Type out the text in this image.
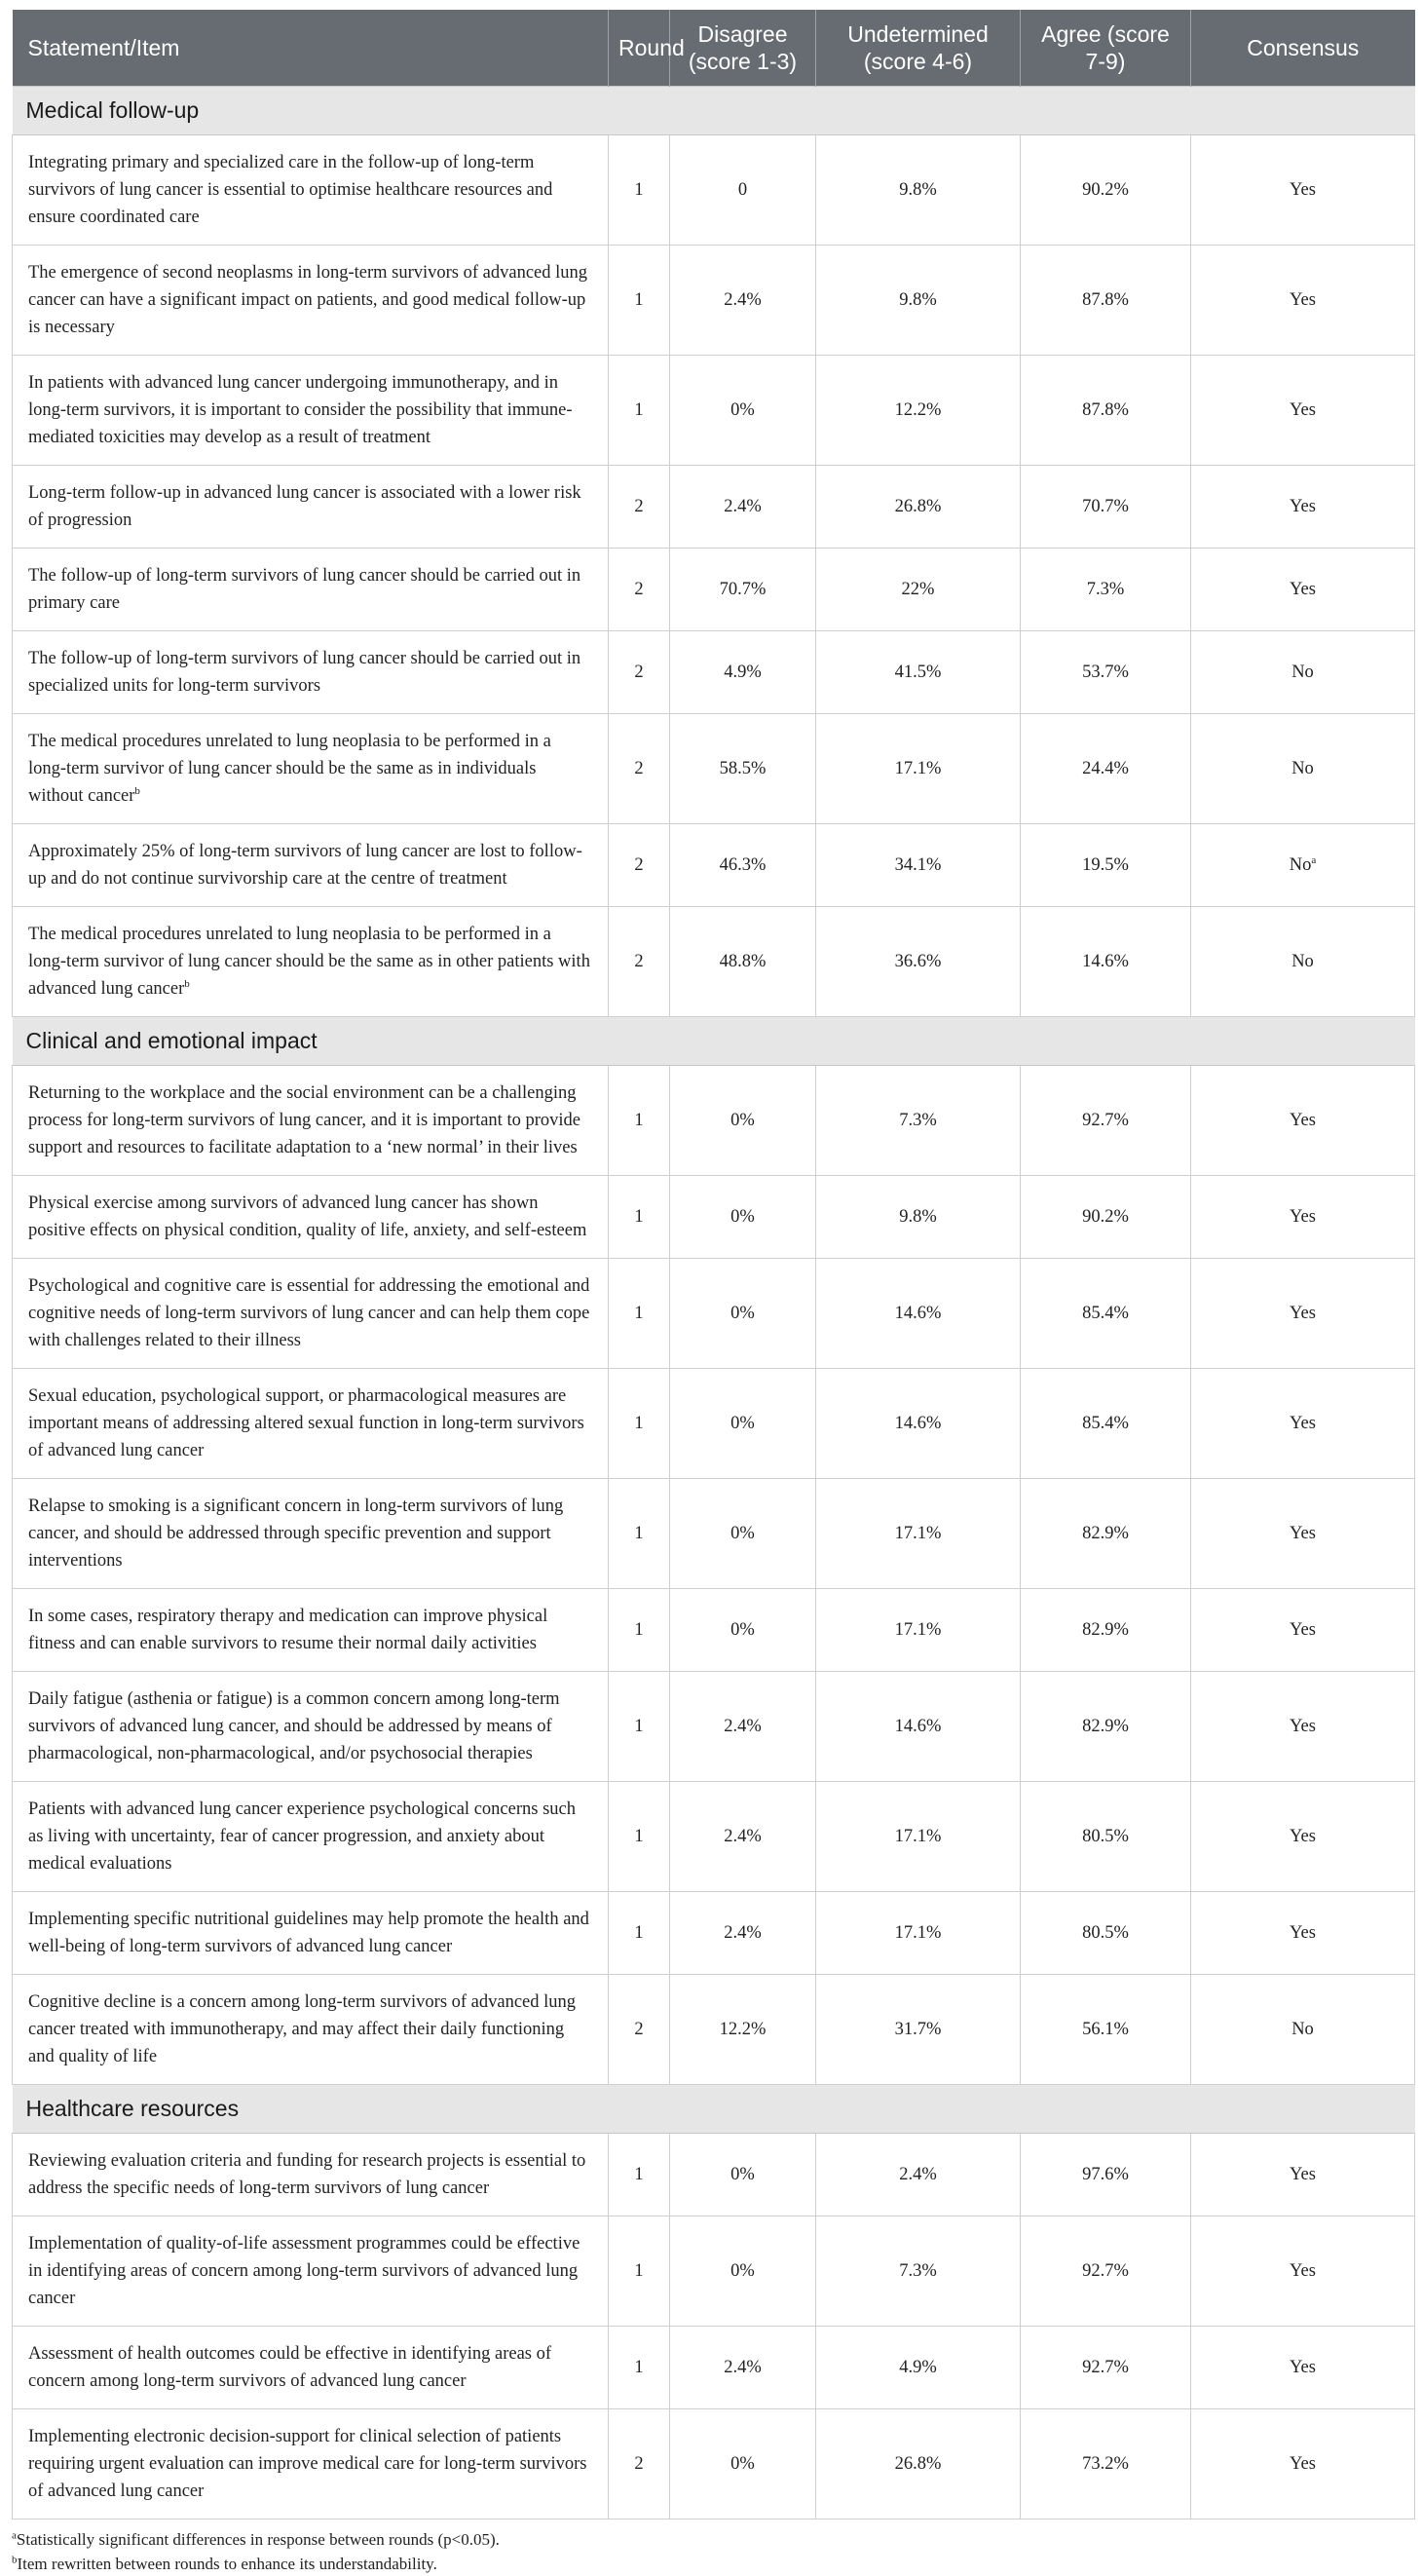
Statement/Item	Round	Disagree (score 1-3)	Undetermined (score 4-6)	Agree (score 7-9)	Consensus
Medical follow-up					
Integrating primary and specialized care in the follow-up of long-term survivors of lung cancer is essential to optimise healthcare resources and ensure coordinated care	1	0	9.8%	90.2%	Yes
The emergence of second neoplasms in long-term survivors of advanced lung cancer can have a significant impact on patients, and good medical follow-up is necessary	1	2.4%	9.8%	87.8%	Yes
In patients with advanced lung cancer undergoing immunotherapy, and in long-term survivors, it is important to consider the possibility that immune-mediated toxicities may develop as a result of treatment	1	0%	12.2%	87.8%	Yes
Long-term follow-up in advanced lung cancer is associated with a lower risk of progression	2	2.4%	26.8%	70.7%	Yes
The follow-up of long-term survivors of lung cancer should be carried out in primary care	2	70.7%	22%	7.3%	Yes
The follow-up of long-term survivors of lung cancer should be carried out in specialized units for long-term survivors	2	4.9%	41.5%	53.7%	No
The medical procedures unrelated to lung neoplasia to be performed in a long-term survivor of lung cancer should be the same as in individuals without cancer$^b$	2	58.5%	17.1%	24.4%	No
Approximately 25% of long-term survivors of lung cancer are lost to follow-up and do not continue survivorship care at the centre of treatment	2	46.3%	34.1%	19.5%	No$^a$
The medical procedures unrelated to lung neoplasia to be performed in a long-term survivor of lung cancer should be the same as in other patients with advanced lung cancer$^b$	2	48.8%	36.6%	14.6%	No
Clinical and emotional impact					
Returning to the workplace and the social environment can be a challenging process for long-term survivors of lung cancer, and it is important to provide support and resources to facilitate adaptation to a ‘new normal’ in their lives	1	0%	7.3%	92.7%	Yes
Physical exercise among survivors of advanced lung cancer has shown positive effects on physical condition, quality of life, anxiety, and self-esteem	1	0%	9.8%	90.2%	Yes
Psychological and cognitive care is essential for addressing the emotional and cognitive needs of long-term survivors of lung cancer and can help them cope with challenges related to their illness	1	0%	14.6%	85.4%	Yes
Sexual education, psychological support, or pharmacological measures are important means of addressing altered sexual function in long-term survivors of advanced lung cancer	1	0%	14.6%	85.4%	Yes
Relapse to smoking is a significant concern in long-term survivors of lung cancer, and should be addressed through specific prevention and support interventions	1	0%	17.1%	82.9%	Yes
In some cases, respiratory therapy and medication can improve physical fitness and can enable survivors to resume their normal daily activities	1	0%	17.1%	82.9%	Yes
Daily fatigue (asthenia or fatigue) is a common concern among long-term survivors of advanced lung cancer, and should be addressed by means of pharmacological, non-pharmacological, and/or psychosocial therapies	1	2.4%	14.6%	82.9%	Yes
Patients with advanced lung cancer experience psychological concerns such as living with uncertainty, fear of cancer progression, and anxiety about medical evaluations	1	2.4%	17.1%	80.5%	Yes
Implementing specific nutritional guidelines may help promote the health and well-being of long-term survivors of advanced lung cancer	1	2.4%	17.1%	80.5%	Yes
Cognitive decline is a concern among long-term survivors of advanced lung cancer treated with immunotherapy, and may affect their daily functioning and quality of life	2	12.2%	31.7%	56.1%	No
Healthcare resources					
Reviewing evaluation criteria and funding for research projects is essential to address the specific needs of long-term survivors of lung cancer	1	0%	2.4%	97.6%	Yes
Implementation of quality-of-life assessment programmes could be effective in identifying areas of concern among long-term survivors of advanced lung cancer	1	0%	7.3%	92.7%	Yes
Assessment of health outcomes could be effective in identifying areas of concern among long-term survivors of advanced lung cancer	1	2.4%	4.9%	92.7%	Yes
Implementing electronic decision-support for clinical selection of patients requiring urgent evaluation can improve medical care for long-term survivors of advanced lung cancer	2	0%	26.8%	73.2%	Yes
$^a$Statistically significant differences in response between rounds (p<0.05).
$^b$Item rewritten between rounds to enhance its understandability.
